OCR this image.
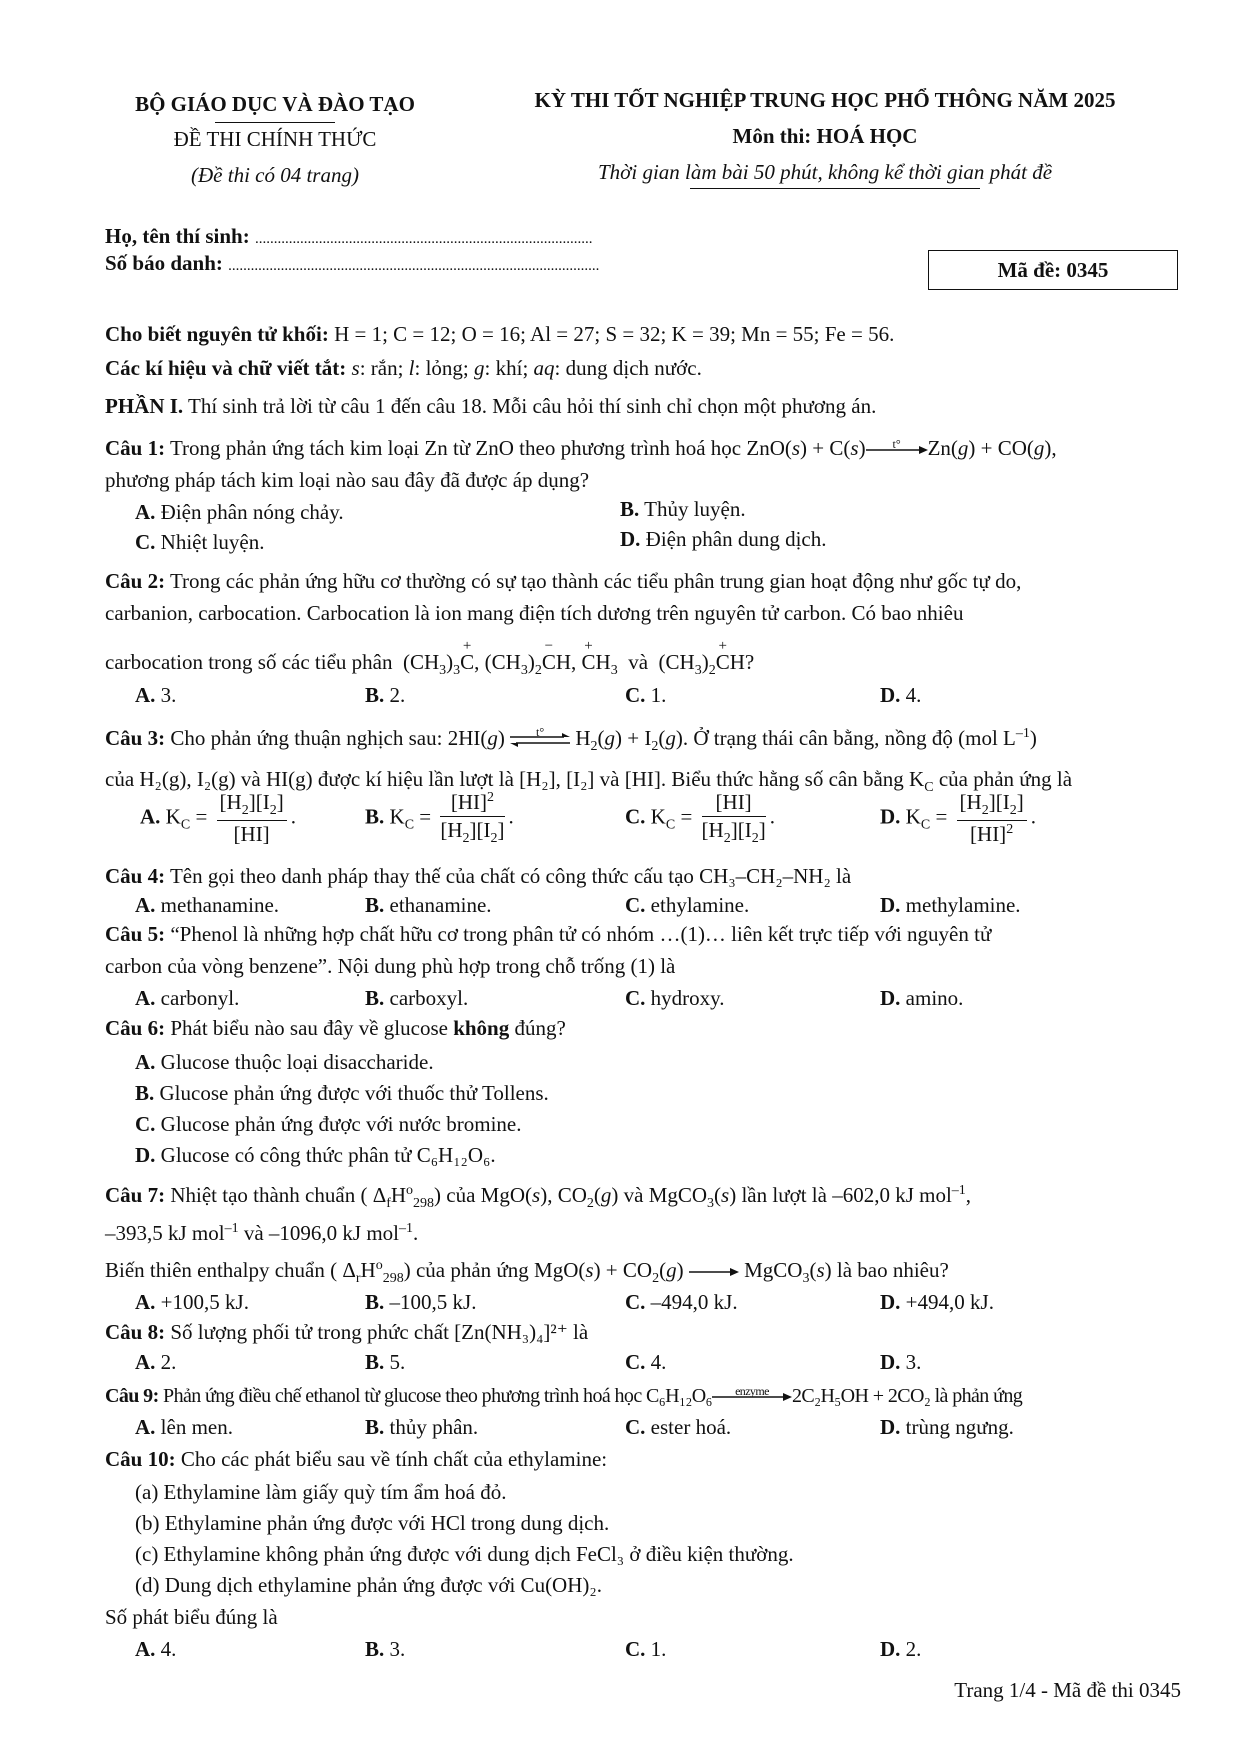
BỘ GIÁO DỤC VÀ ĐÀO TẠO
ĐỀ THI CHÍNH THỨC
(Đề thi có 04 trang)
KỲ THI TỐT NGHIỆP TRUNG HỌC PHỔ THÔNG NĂM 2025
Môn thi: HOÁ HỌC
Thời gian làm bài 50 phút, không kể thời gian phát đề
Họ, tên thí sinh: ..........................................................................................
Số báo danh: ...................................................................................................	Mã đề: 0345
Cho biết nguyên tử khối: H = 1; C = 12; O = 16; Al = 27; S = 32; K = 39; Mn = 55; Fe = 56.
Các kí hiệu và chữ viết tắt: s: rắn; l: lỏng; g: khí; aq: dung dịch nước.
PHẦN I. Thí sinh trả lời từ câu 1 đến câu 18. Mỗi câu hỏi thí sinh chỉ chọn một phương án.
Câu 1: Trong phản ứng tách kim loại Zn từ ZnO theo phương trình hoá học ZnO(s) + C(s)	t°	Zn(g) + CO(g),
phương pháp tách kim loại nào sau đây đã được áp dụng?
A. Điện phân nóng chảy.	B. Thủy luyện.
C. Nhiệt luyện.	D. Điện phân dung dịch.
Câu 2: Trong các phản ứng hữu cơ thường có sự tạo thành các tiểu phân trung gian hoạt động như gốc tự do,
carbanion, carbocation. Carbocation là ion mang điện tích dương trên nguyên tử carbon. Có bao nhiêu
carbocation trong số các tiểu phân  $(CH_3)_3C$
+
, $(CH_3)_2C$
−
H, C
+
$H_3$  và  $(CH_3)_2C$
+
H?
A. 3.	B. 2.	C. 1.	D. 4.
Câu 3: Cho phản ứng thuận nghịch sau: 2HI(g)	t°	$H_2(g) + I_2(g)$. Ở trạng thái cân bằng, nồng độ (mol $L^{-1}$)
của H₂(g), I₂(g) và HI(g) được kí hiệu lần lượt là [H₂], [I₂] và [HI]. Biểu thức hằng số cân bằng $K_C$ của phản ứng là
A. $K_C = \frac{[H_2][I_2]}{[HI]}$ .	B. $K_C = \frac{[HI]^2}{[H_2][I_2]}$ .	C. $K_C = \frac{[HI]}{[H_2][I_2]}$ .	D. $K_C = \frac{[H_2][I_2]}{[HI]^2}$ .
Câu 4: Tên gọi theo danh pháp thay thế của chất có công thức cấu tạo CH₃–CH₂–NH₂ là
A. methanamine.	B. ethanamine.	C. ethylamine.	D. methylamine.
Câu 5: “Phenol là những hợp chất hữu cơ trong phân tử có nhóm …(1)… liên kết trực tiếp với nguyên tử
carbon của vòng benzene”. Nội dung phù hợp trong chỗ trống (1) là
A. carbonyl.	B. carboxyl.	C. hydroxy.	D. amino.
Câu 6: Phát biểu nào sau đây về glucose không đúng?
A. Glucose thuộc loại disaccharide.
B. Glucose phản ứng được với thuốc thử Tollens.
C. Glucose phản ứng được với nước bromine.
D. Glucose có công thức phân tử C₆H₁₂O₆.
Câu 7: Nhiệt tạo thành chuẩn ( $\Delta_fH^o_{298}$) của MgO(s), $CO_2(g)$ và MgCO$_3$(s) lần lượt là –602,0 kJ mol$^{-1}$,
–393,5 kJ mol$^{-1}$ và –1096,0 kJ mol$^{-1}$.
Biến thiên enthalpy chuẩn ( $\Delta_rH^o_{298}$) của phản ứng $MgO(s) + CO_2(g)$
MgCO$_3$(s) là bao nhiêu?
A. +100,5 kJ.	B. –100,5 kJ.	C. –494,0 kJ.	D. +494,0 kJ.
Câu 8: Số lượng phối tử trong phức chất [Zn(NH₃)₄]²⁺ là
A. 2.	B. 5.	C. 4.	D. 3.
Câu 9: Phản ứng điều chế ethanol từ glucose theo phương trình hoá học C₆H₁₂O₆	enzyme	2C₂H₅OH + 2CO₂ là phản ứng
A. lên men.	B. thủy phân.	C. ester hoá.	D. trùng ngưng.
Câu 10: Cho các phát biểu sau về tính chất của ethylamine:
(a) Ethylamine làm giấy quỳ tím ẩm hoá đỏ.
(b) Ethylamine phản ứng được với HCl trong dung dịch.
(c) Ethylamine không phản ứng được với dung dịch FeCl₃ ở điều kiện thường.
(d) Dung dịch ethylamine phản ứng được với Cu(OH)₂.
Số phát biểu đúng là
A. 4.	B. 3.	C. 1.	D. 2.
Trang 1/4 - Mã đề thi 0345
